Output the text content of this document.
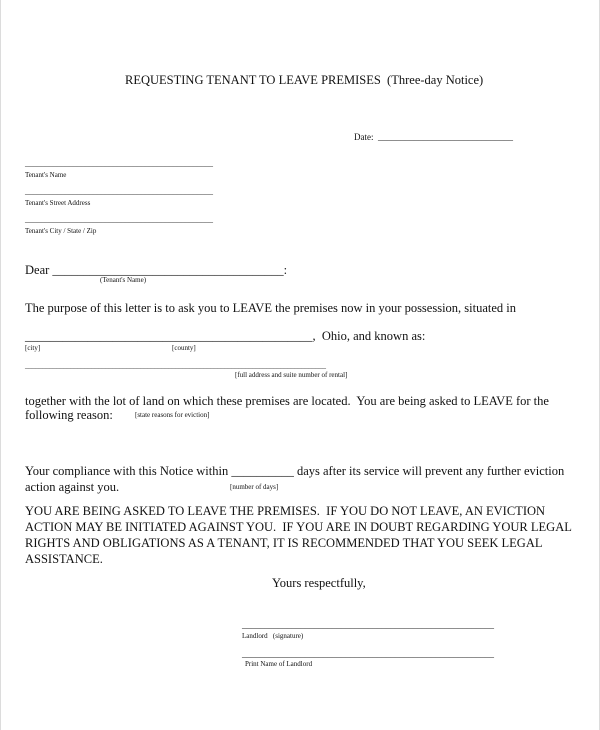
REQUESTING TENANT TO LEAVE PREMISES  (Three-day Notice)
Date:  ______________________________
_______________________________________________
Tenant's Name
_______________________________________________
Tenant's Street Address
_______________________________________________
Tenant's City / State / Zip
Dear _____________________________________:
(Tenant's Name)
The purpose of this letter is to ask you to LEAVE the premises now in your possession, situated in
______________________________________________,  Ohio, and known as:
[city]	[county]
______________________________________________________________________________________
[full address and suite number of rental]
together with the lot of land on which these premises are located.  You are being asked to LEAVE for the
following reason:	[state reasons for eviction]
Your compliance with this Notice within __________ days after its service will prevent any further eviction
action against you.	[number of days]
YOU ARE BEING ASKED TO LEAVE THE PREMISES.  IF YOU DO NOT LEAVE, AN EVICTION
ACTION MAY BE INITIATED AGAINST YOU.  IF YOU ARE IN DOUBT REGARDING YOUR LEGAL
RIGHTS AND OBLIGATIONS AS A TENANT, IT IS RECOMMENDED THAT YOU SEEK LEGAL
ASSISTANCE.
Yours respectfully,
________________________________________________________
Landlord   (signature)
________________________________________________________
Print Name of Landlord
